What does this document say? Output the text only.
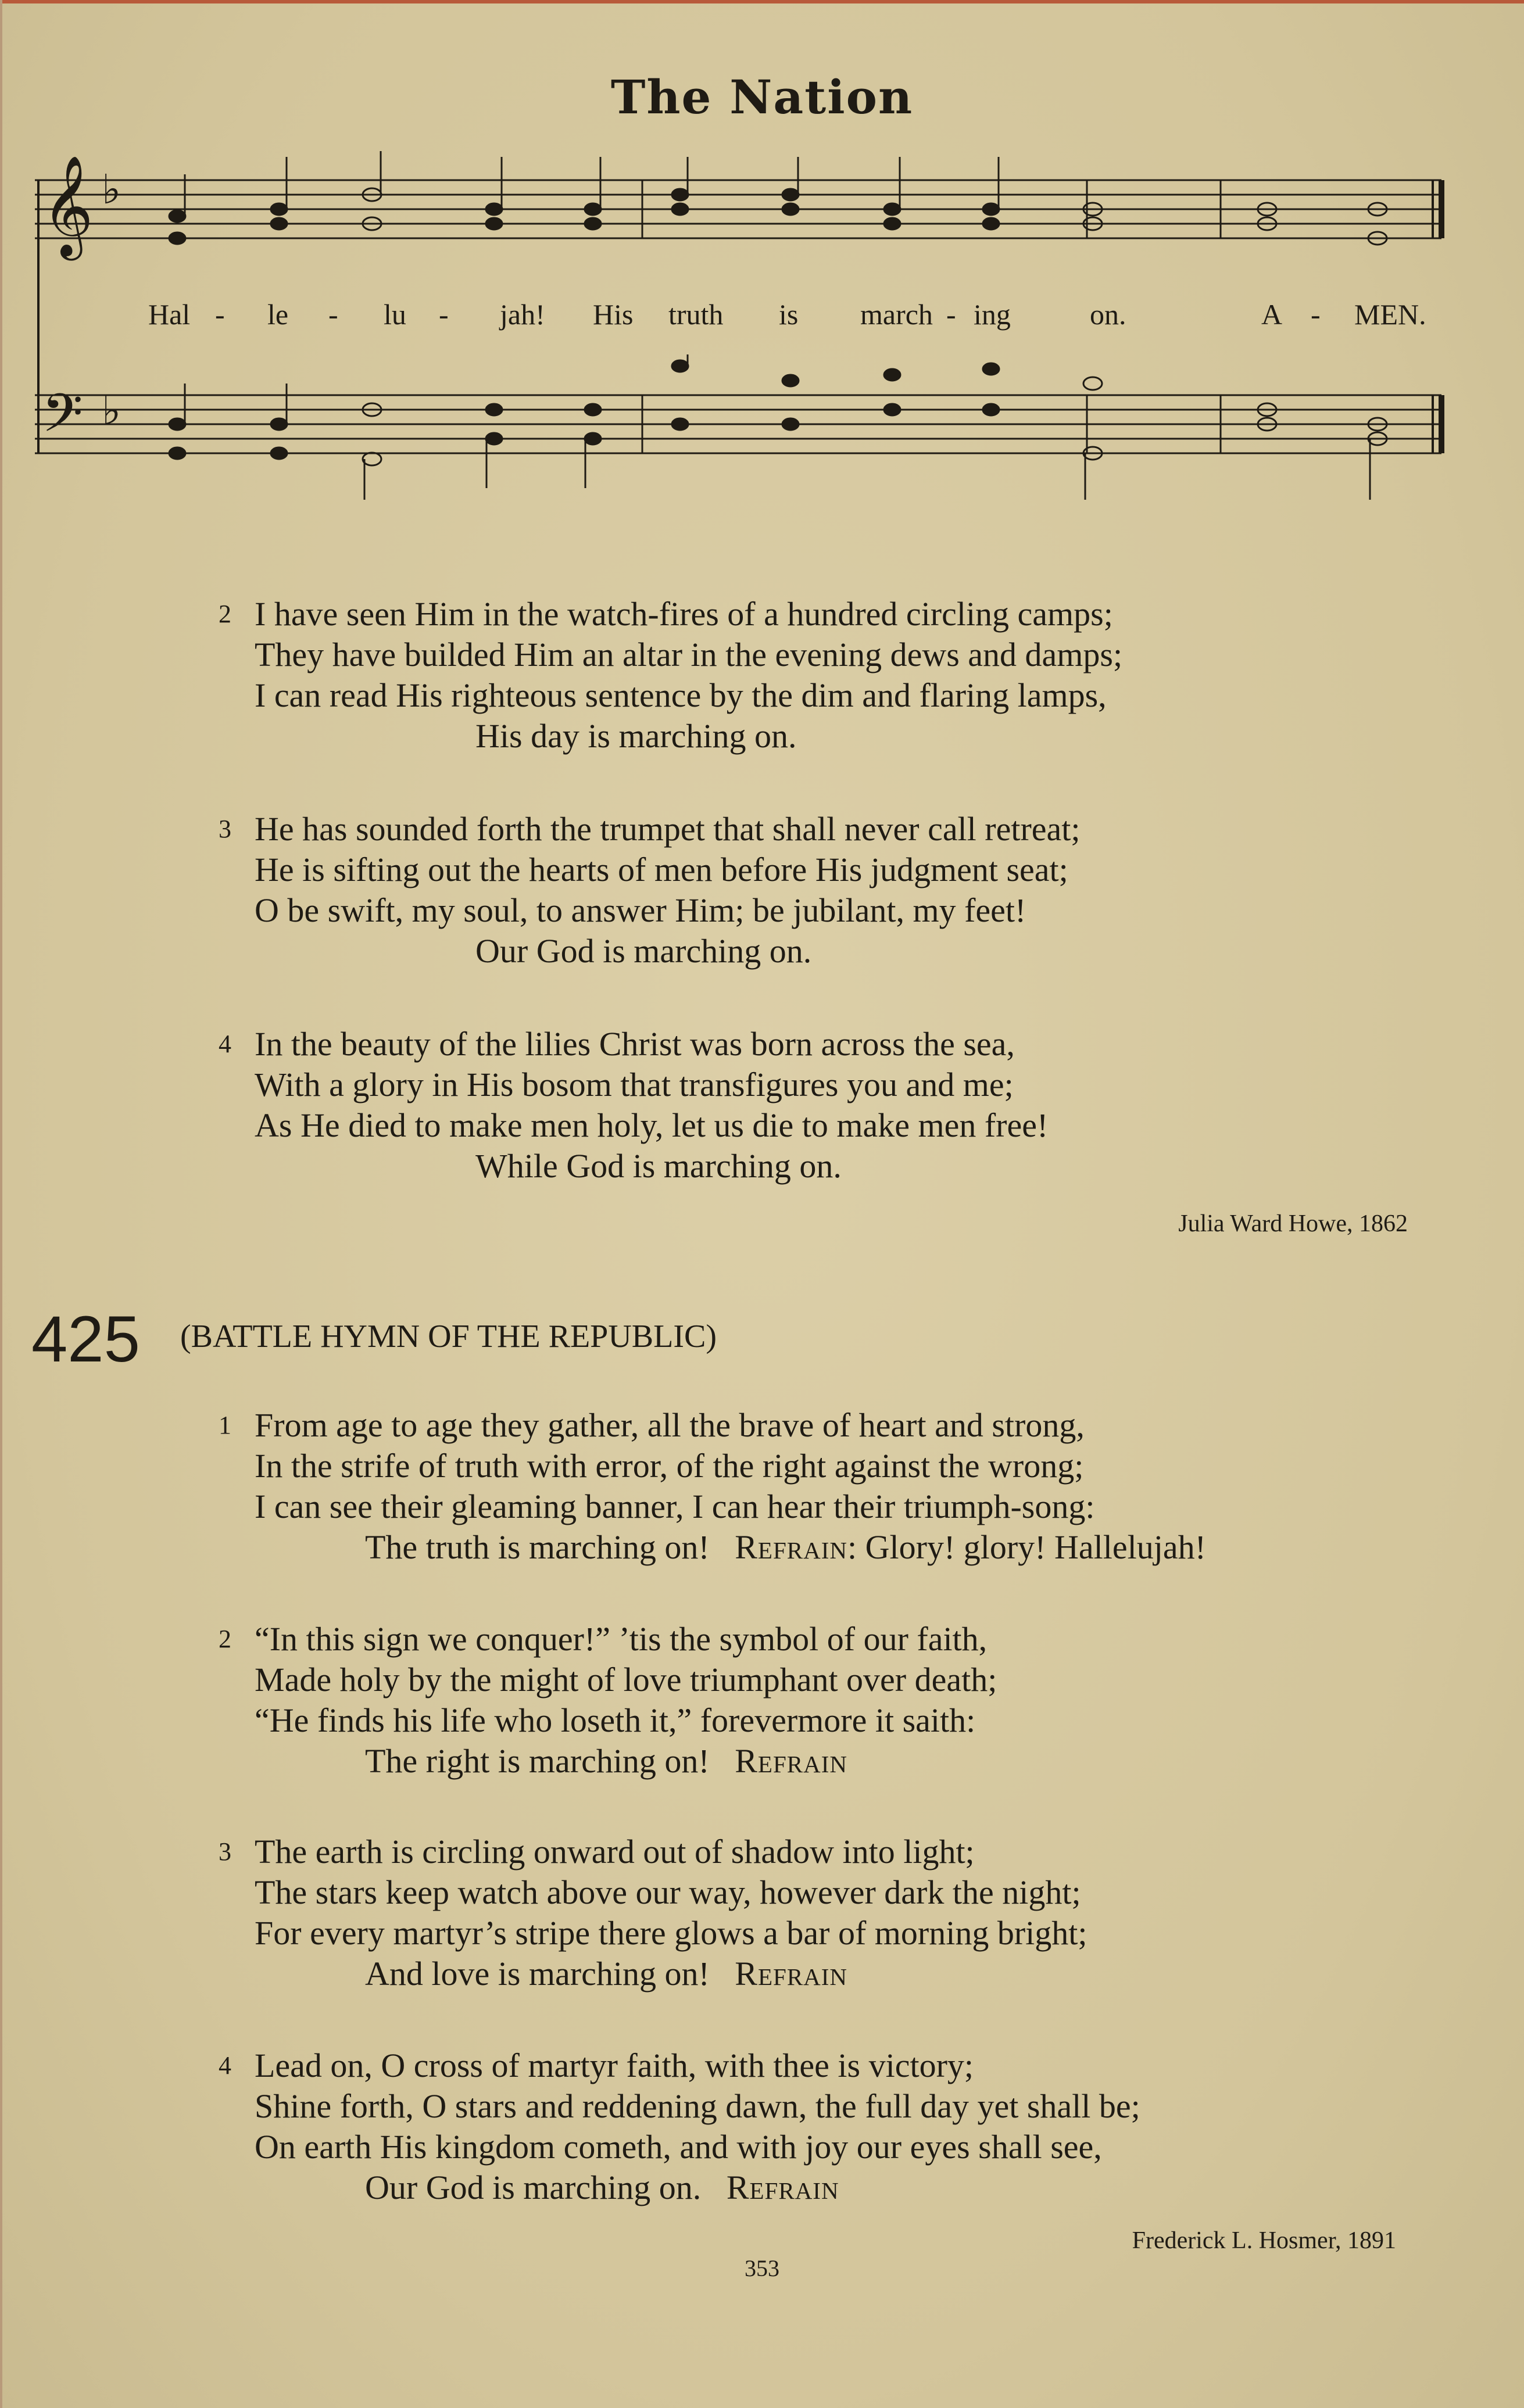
The Nation
𝄞
𝄢
♭
♭
Hal - le - lu - jah! His truth is march - ing	on.	A - MEN.
2 I have seen Him in the watch-fires of a hundred circling camps;
They have builded Him an altar in the evening dews and damps;
I can read His righteous sentence by the dim and flaring lamps,
His day is marching on.
3 He has sounded forth the trumpet that shall never call retreat;
He is sifting out the hearts of men before His judgment seat;
O be swift, my soul, to answer Him; be jubilant, my feet!
Our God is marching on.
4 In the beauty of the lilies Christ was born across the sea,
With a glory in His bosom that transfigures you and me;
As He died to make men holy, let us die to make men free!
While God is marching on.
Julia Ward Howe, 1862
425 (BATTLE HYMN OF THE REPUBLIC)
1 From age to age they gather, all the brave of heart and strong,
In the strife of truth with error, of the right against the wrong;
I can see their gleaming banner, I can hear their triumph-song:
The truth is marching on! Refrain: Glory! glory! Hallelujah!
2 “In this sign we conquer!” ’tis the symbol of our faith,
Made holy by the might of love triumphant over death;
“He finds his life who loseth it,” forevermore it saith:
The right is marching on! Refrain
3 The earth is circling onward out of shadow into light;
The stars keep watch above our way, however dark the night;
For every martyr’s stripe there glows a bar of morning bright;
And love is marching on! Refrain
4 Lead on, O cross of martyr faith, with thee is victory;
Shine forth, O stars and reddening dawn, the full day yet shall be;
On earth His kingdom cometh, and with joy our eyes shall see,
Our God is marching on. Refrain
Frederick L. Hosmer, 1891
353
